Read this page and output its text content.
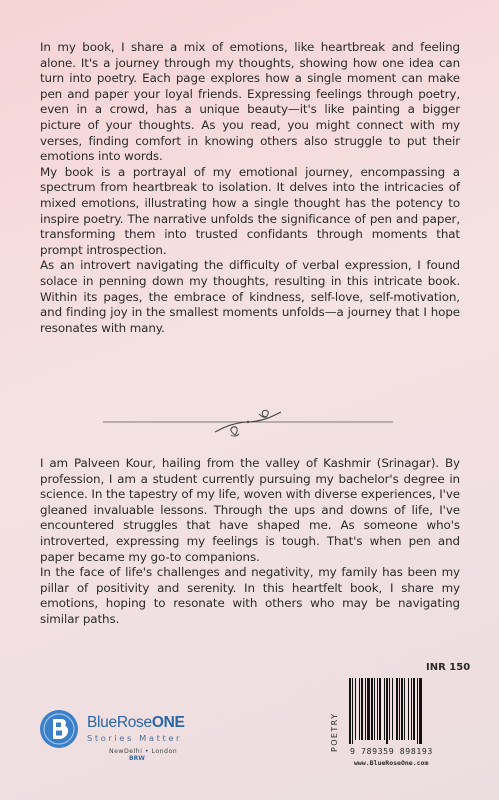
In my book, I share a mix of emotions, like heartbreak and feeling alone. It's a journey through my thoughts, showing how one idea can turn into poetry. Each page explores how a single moment can make pen and paper your loyal friends. Expressing feelings through poetry, even in a crowd, has a unique beauty—it's like painting a bigger picture of your thoughts. As you read, you might connect with my verses, finding comfort in knowing others also struggle to put their emotions into words.

My book is a portrayal of my emotional journey, encompassing a spectrum from heartbreak to isolation. It delves into the intricacies of mixed emotions, illustrating how a single thought has the potency to inspire poetry. The narrative unfolds the significance of pen and paper, transforming them into trusted confidants through moments that prompt introspection.

As an introvert navigating the difficulty of verbal expression, I found solace in penning down my thoughts, resulting in this intricate book. Within its pages, the embrace of kindness, self-love, self-motivation, and finding joy in the smallest moments unfolds—a journey that I hope resonates with many.

I am Palveen Kour, hailing from the valley of Kashmir (Srinagar). By profession, I am a student currently pursuing my bachelor's degree in science. In the tapestry of my life, woven with diverse experiences, I've gleaned invaluable lessons. Through the ups and downs of life, I've encountered struggles that have shaped me. As someone who's introverted, expressing my feelings is tough. That's when pen and paper became my go-to companions.

In the face of life's challenges and negativity, my family has been my pillar of positivity and serenity. In this heartfelt book, I share my emotions, hoping to resonate with others who may be navigating similar paths.

BlueRoseONE
Stories Matter
NewDelhi • London
BRW
INR 150
POETRY	9 789359 898193
www.BlueRoseOne.com
